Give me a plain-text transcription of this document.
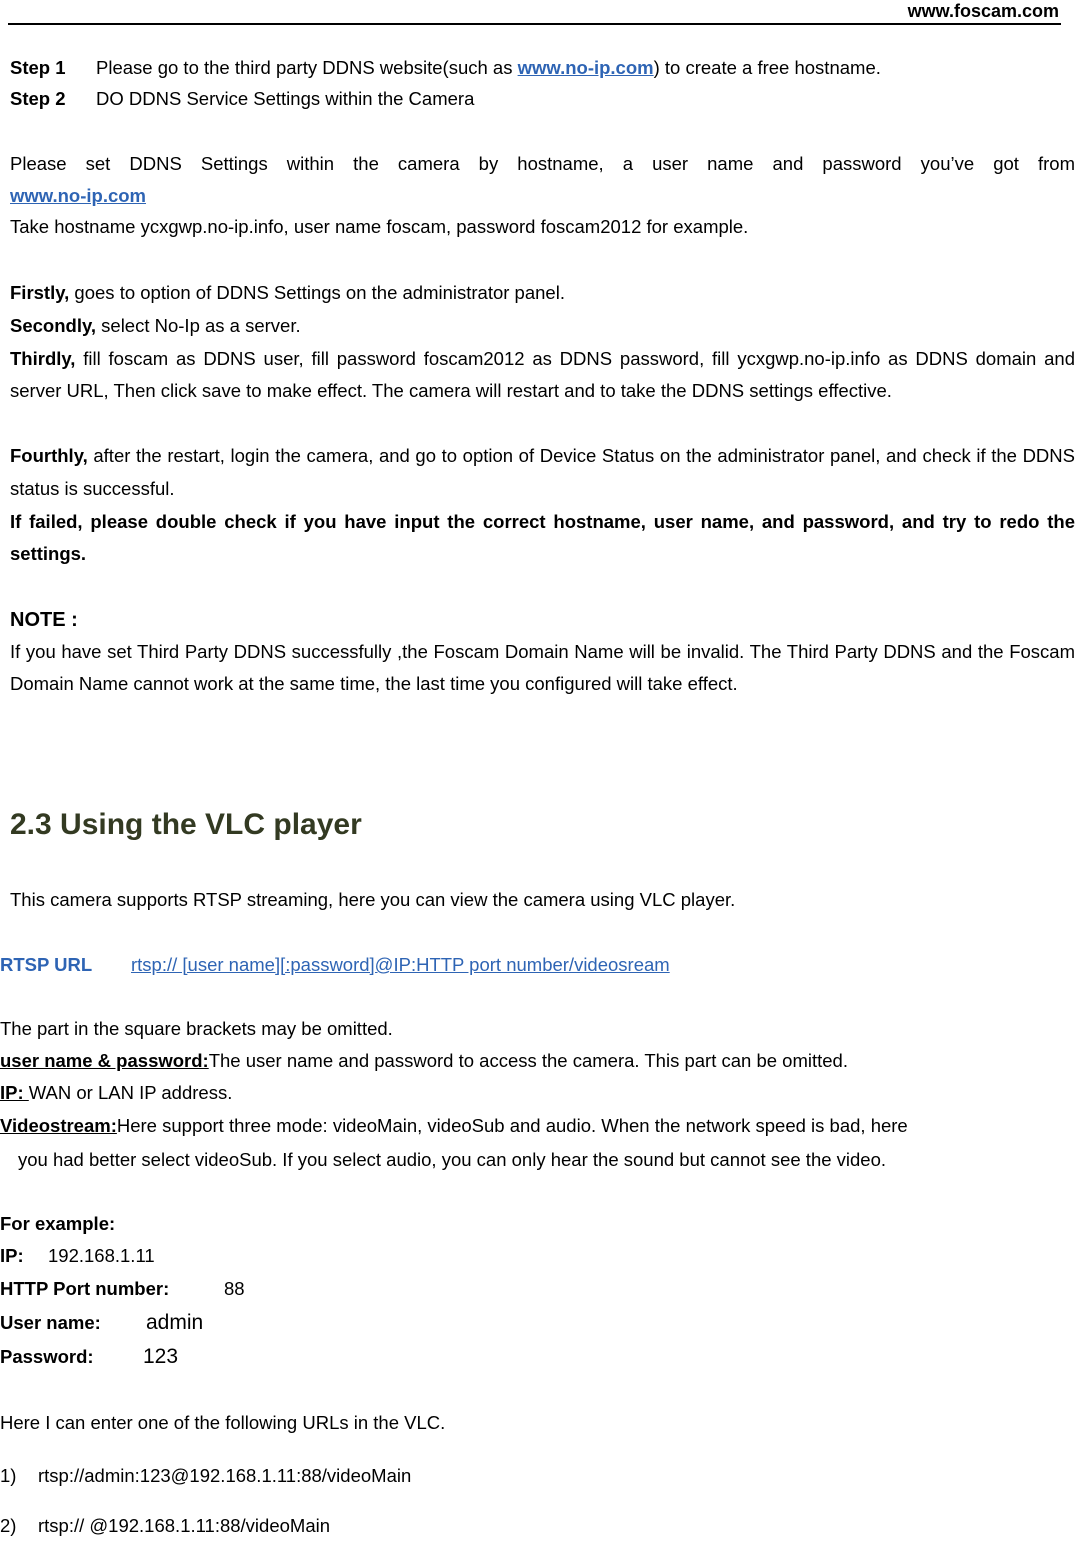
www.foscam.com
Step 1 Please go to the third party DDNS website(such as www.no-ip.com) to create a free hostname.
Step 2 DO DDNS Service Settings within the Camera
Please set DDNS Settings within the camera by hostname, a user name and password you’ve got from
www.no-ip.com
Take hostname ycxgwp.no-ip.info, user name foscam, password foscam2012 for example.
Firstly, goes to option of DDNS Settings on the administrator panel.
Secondly, select No-Ip as a server.
Thirdly, fill foscam as DDNS user, fill password foscam2012 as DDNS password, fill ycxgwp.no-ip.info as DDNS domain and server URL, Then click save to make effect. The camera will restart and to take the DDNS settings effective.
Fourthly, after the restart, login the camera, and go to option of Device Status on the administrator panel, and check if the DDNS status is successful.
If failed, please double check if you have input the correct hostname, user name, and password, and try to redo the settings.
NOTE :
If you have set Third Party DDNS successfully ,the Foscam Domain Name will be invalid. The Third Party DDNS and the Foscam Domain Name cannot work at the same time, the last time you configured will take effect.
2.3 Using the VLC player
This camera supports RTSP streaming, here you can view the camera using VLC player.
RTSP URL rtsp:// [user name][:password]@IP:HTTP port number/videosream
The part in the square brackets may be omitted.
user name & password:The user name and password to access the camera. This part can be omitted.
IP: WAN or LAN IP address.
Videostream:Here support three mode: videoMain, videoSub and audio. When the network speed is bad, here
you had better select videoSub. If you select audio, you can only hear the sound but cannot see the video.
For example:
IP: 192.168.1.11
HTTP Port number:	88
User name: admin
Password: 123
Here I can enter one of the following URLs in the VLC.
1) rtsp://admin:123@192.168.1.11:88/videoMain
2) rtsp:// @192.168.1.11:88/videoMain
